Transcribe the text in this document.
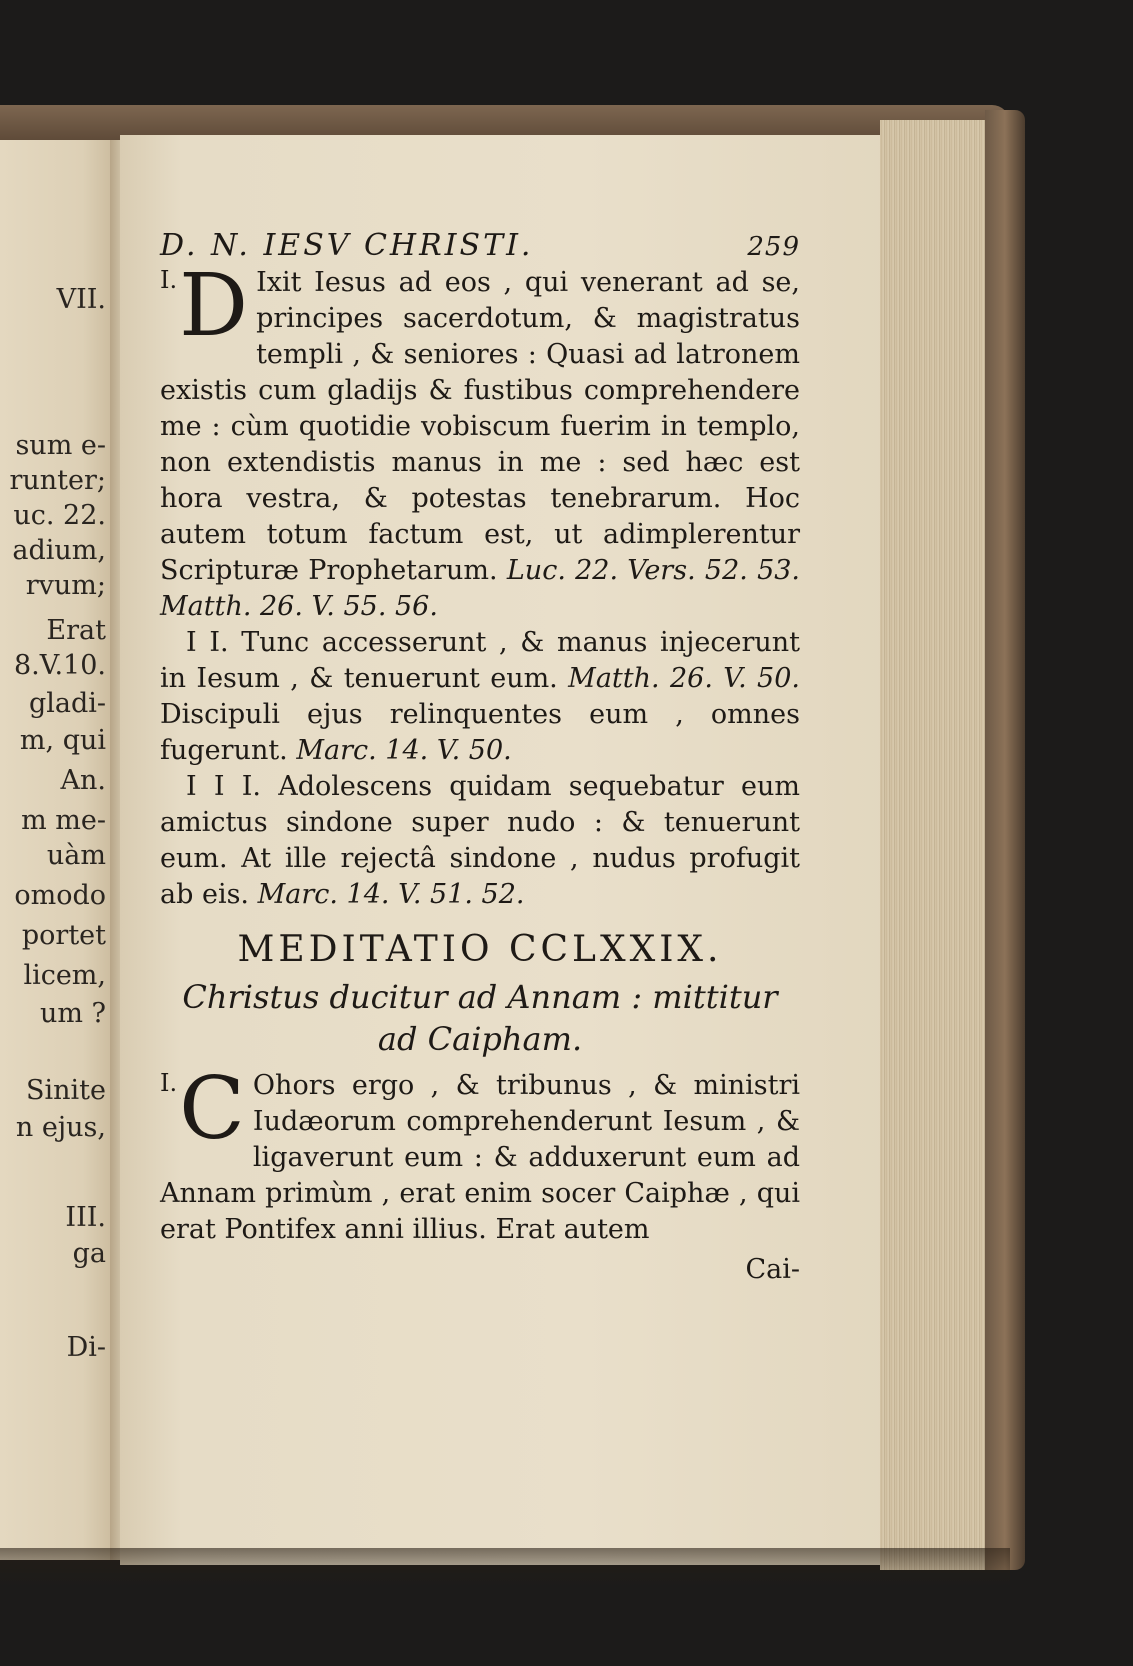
VII.
sum e-
runter;
uc. 22.
adium,
rvum;
Erat
8.V.10.
gladi-
m, qui
An.
m me-
uàm
omodo
portet
licem,
um ?
Sinite
n ejus,
III.
ga
Di-
D. N. IESV CHRISTI.	259
I. D Ixit Iesus ad eos , qui venerant ad se, principes sacerdotum, & magistratus templi , & seniores : Quasi ad latronem existis cum gladijs & fustibus comprehendere me : cùm quotidie vobiscum fuerim in templo, non extendistis manus in me : sed hæc est hora vestra, & potestas tenebrarum. Hoc autem totum factum est, ut adimplerentur Scripturæ Prophetarum. Luc. 22. Vers. 52. 53. Matth. 26. V. 55. 56.
I I. Tunc accesserunt , & manus injecerunt in Iesum , & tenuerunt eum. Matth. 26. V. 50. Discipuli ejus relinquentes eum , omnes fugerunt. Marc. 14. V. 50.
I I I. Adolescens quidam sequebatur eum amictus sindone super nudo : & tenuerunt eum. At ille rejectâ sindone , nudus profugit ab eis. Marc. 14. V. 51. 52.
MEDITATIO CCLXXIX.
Christus ducitur ad Annam : mittitur ad Caipham.
I. C Ohors ergo , & tribunus , & ministri Iudæorum comprehenderunt Iesum , & ligaverunt eum : & adduxerunt eum ad Annam primùm , erat enim socer Caiphæ , qui erat Pontifex anni illius. Erat autem
Cai-
